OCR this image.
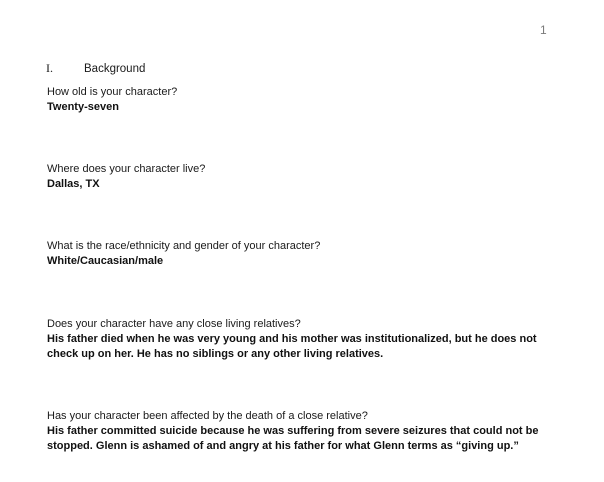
1
I.	Background

How old is your character?

Twenty-seven

Where does your character live?

Dallas, TX

What is the race/ethnicity and gender of your character?

White/Caucasian/male

Does your character have any close living relatives?

His father died when he was very young and his mother was institutionalized, but he does not check up on her. He has no siblings or any other living relatives.

Has your character been affected by the death of a close relative?

His father committed suicide because he was suffering from severe seizures that could not be stopped. Glenn is ashamed of and angry at his father for what Glenn terms as “giving up.”
